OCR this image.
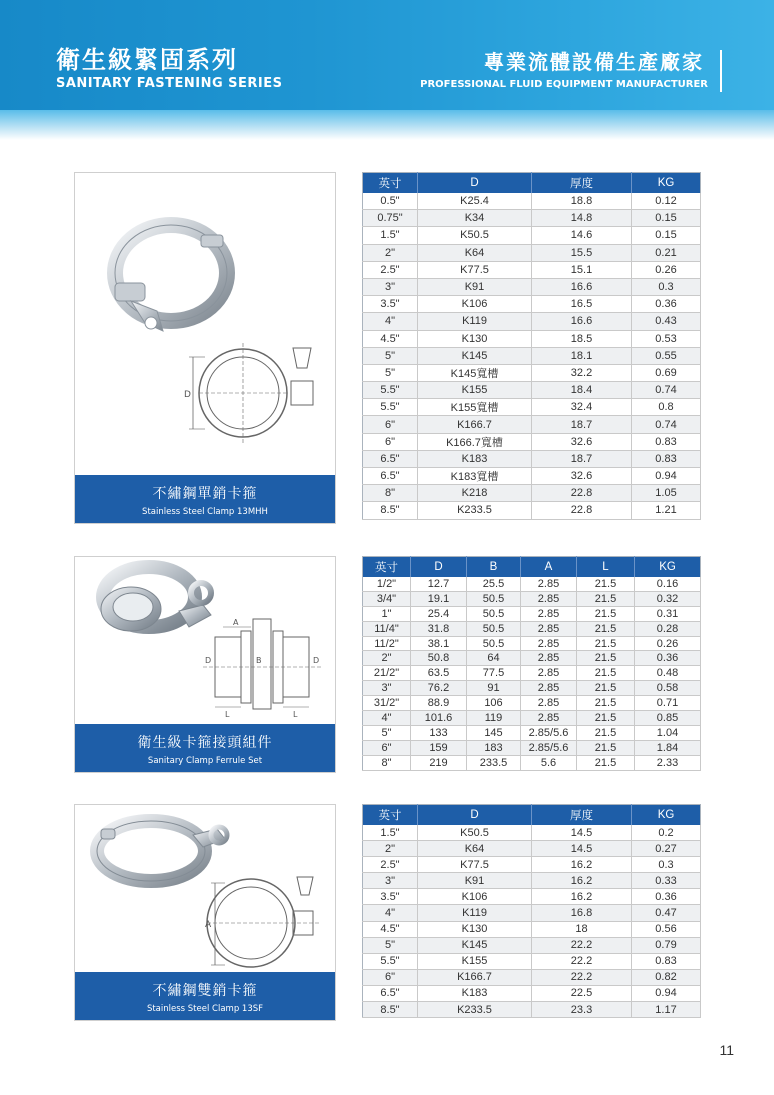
衛生級緊固系列
SANITARY FASTENING SERIES
專業流體設備生產廠家
PROFESSIONAL FLUID EQUIPMENT MANUFACTURER
D
不繡鋼單銷卡箍
Stainless Steel Clamp 13MHH
英寸	D	厚度	KG
0.5"	K25.4	18.8	0.12
0.75"	K34	14.8	0.15
1.5"	K50.5	14.6	0.15
2"	K64	15.5	0.21
2.5"	K77.5	15.1	0.26
3"	K91	16.6	0.3
3.5"	K106	16.5	0.36
4"	K119	16.6	0.43
4.5"	K130	18.5	0.53
5"	K145	18.1	0.55
5"	K145寬槽	32.2	0.69
5.5"	K155	18.4	0.74
5.5"	K155寬槽	32.4	0.8
6"	K166.7	18.7	0.74
6"	K166.7寬槽	32.6	0.83
6.5"	K183	18.7	0.83
6.5"	K183寬槽	32.6	0.94
8"	K218	22.8	1.05
8.5"	K233.5	22.8	1.21
A
D	B	D
L	L
衛生級卡箍接頭組件
Sanitary Clamp Ferrule Set
英寸	D	B	A	L	KG
1/2"	12.7	25.5	2.85	21.5	0.16
3/4"	19.1	50.5	2.85	21.5	0.32
1"	25.4	50.5	2.85	21.5	0.31
11/4"	31.8	50.5	2.85	21.5	0.28
11/2"	38.1	50.5	2.85	21.5	0.26
2"	50.8	64	2.85	21.5	0.36
21/2"	63.5	77.5	2.85	21.5	0.48
3"	76.2	91	2.85	21.5	0.58
31/2"	88.9	106	2.85	21.5	0.71
4"	101.6	119	2.85	21.5	0.85
5"	133	145	2.85/5.6	21.5	1.04
6"	159	183	2.85/5.6	21.5	1.84
8"	219	233.5	5.6	21.5	2.33
A
不繡鋼雙銷卡箍
Stainless Steel Clamp 13SF
英寸	D	厚度	KG
1.5"	K50.5	14.5	0.2
2"	K64	14.5	0.27
2.5"	K77.5	16.2	0.3
3"	K91	16.2	0.33
3.5"	K106	16.2	0.36
4"	K119	16.8	0.47
4.5"	K130	18	0.56
5"	K145	22.2	0.79
5.5"	K155	22.2	0.83
6"	K166.7	22.2	0.82
6.5"	K183	22.5	0.94
8.5"	K233.5	23.3	1.17
11
